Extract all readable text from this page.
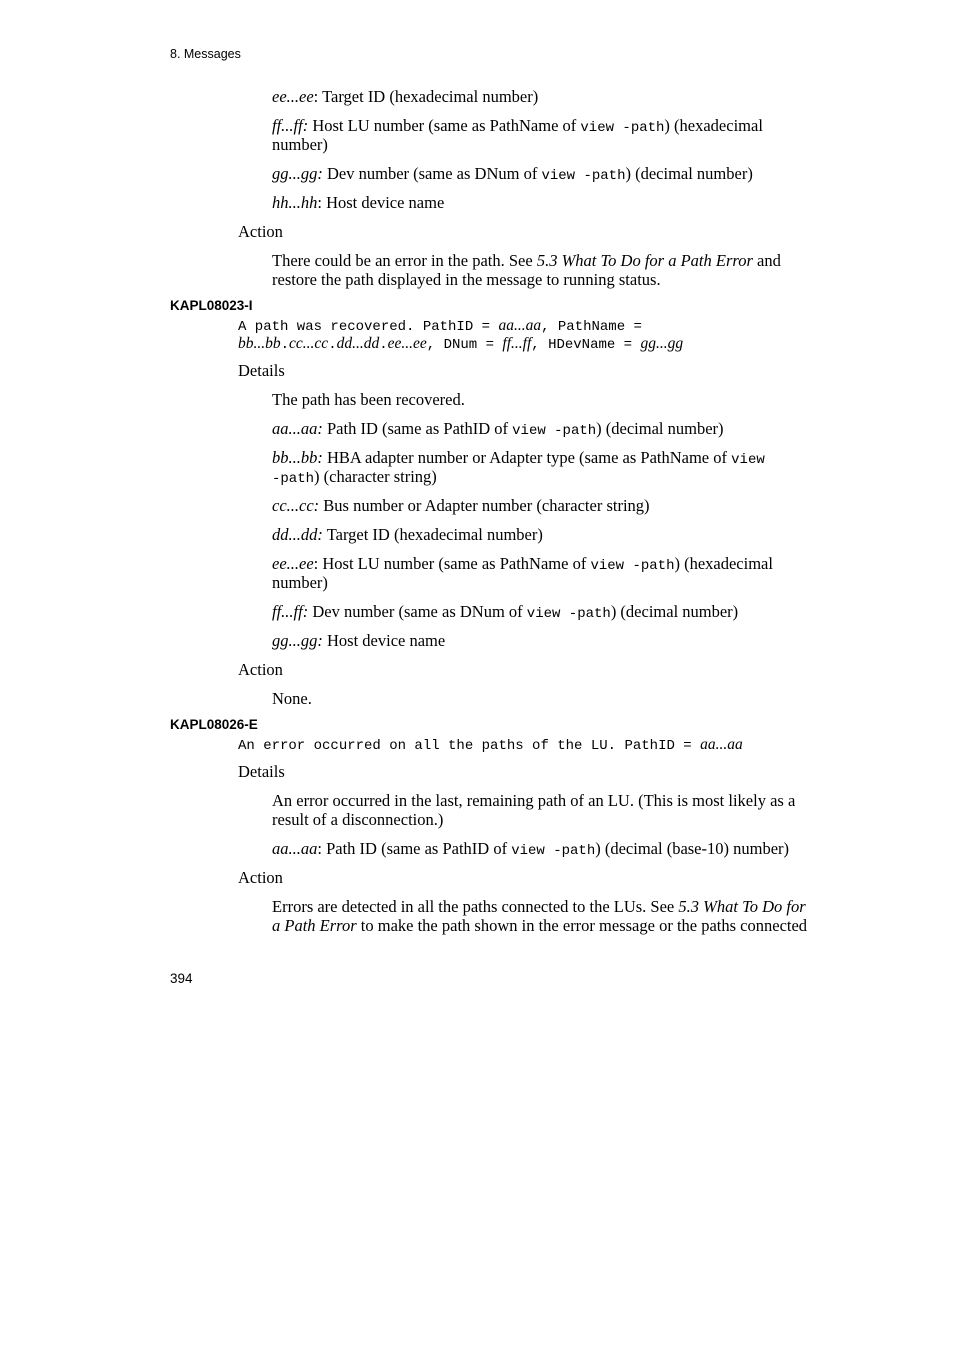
8. Messages
ee...ee: Target ID (hexadecimal number)
ff...ff: Host LU number (same as PathName of view -path) (hexadecimal
number)
gg...gg: Dev number (same as DNum of view -path) (decimal number)
hh...hh: Host device name
Action
There could be an error in the path. See 5.3 What To Do for a Path Error and
restore the path displayed in the message to running status.
KAPL08023-I
A path was recovered. PathID = aa...aa, PathName =
bb...bb.cc...cc.dd...dd.ee...ee, DNum = ff...ff, HDevName = gg...gg
Details
The path has been recovered.
aa...aa: Path ID (same as PathID of view -path) (decimal number)
bb...bb: HBA adapter number or Adapter type (same as PathName of view
-path) (character string)
cc...cc: Bus number or Adapter number (character string)
dd...dd: Target ID (hexadecimal number)
ee...ee: Host LU number (same as PathName of view -path) (hexadecimal
number)
ff...ff: Dev number (same as DNum of view -path) (decimal number)
gg...gg: Host device name
Action
None.
KAPL08026-E
An error occurred on all the paths of the LU. PathID = aa...aa
Details
An error occurred in the last, remaining path of an LU. (This is most likely as a
result of a disconnection.)
aa...aa: Path ID (same as PathID of view -path) (decimal (base-10) number)
Action
Errors are detected in all the paths connected to the LUs. See 5.3 What To Do for
a Path Error to make the path shown in the error message or the paths connected
394
